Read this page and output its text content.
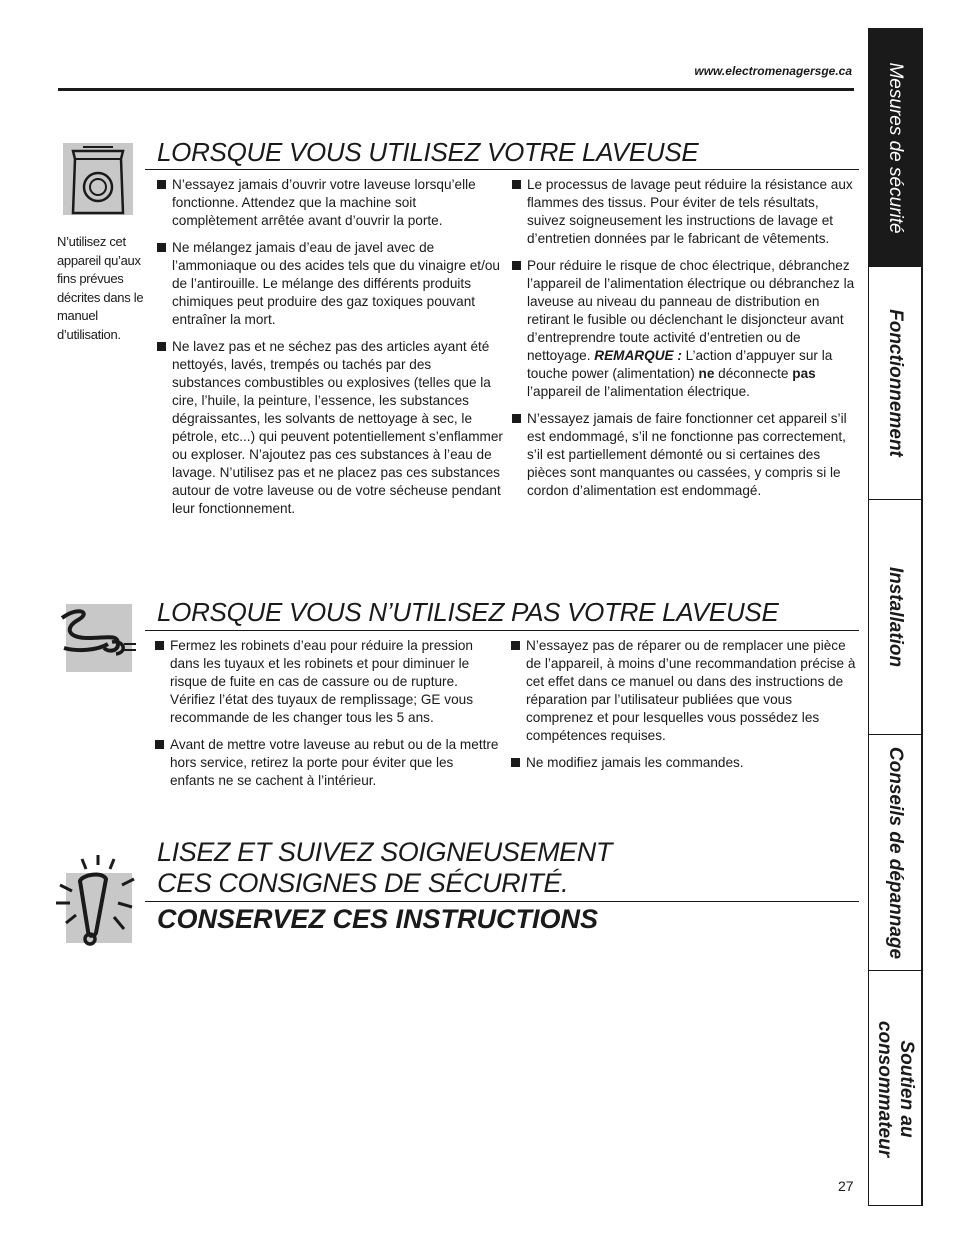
www.electromenagersge.ca
LORSQUE VOUS UTILISEZ VOTRE LAVEUSE
N’utilisez cet appareil qu’aux fins prévues décrites dans le manuel d’utilisation.
N’essayez jamais d’ouvrir votre laveuse lorsqu’elle fonctionne. Attendez que la machine soit complètement arrêtée avant d’ouvrir la porte.
Ne mélangez jamais d’eau de javel avec de l’ammoniaque ou des acides tels que du vinaigre et/ou de l’antirouille. Le mélange des différents produits chimiques peut produire des gaz toxiques pouvant entraîner la mort.
Ne lavez pas et ne séchez pas des articles ayant été nettoyés, lavés, trempés ou tachés par des substances combustibles ou explosives (telles que la cire, l’huile, la peinture, l’essence, les substances dégraissantes, les solvants de nettoyage à sec, le pétrole, etc...) qui peuvent potentiellement s’enflammer ou exploser. N’ajoutez pas ces substances à l’eau de lavage. N’utilisez pas et ne placez pas ces substances autour de votre laveuse ou de votre sécheuse pendant leur fonctionnement.
Le processus de lavage peut réduire la résistance aux flammes des tissus. Pour éviter de tels résultats, suivez soigneusement les instructions de lavage et d’entretien données par le fabricant de vêtements.
Pour réduire le risque de choc électrique, débranchez l’appareil de l’alimentation électrique ou débranchez la laveuse au niveau du panneau de distribution en retirant le fusible ou déclenchant le disjoncteur avant d’entreprendre toute activité d’entretien ou de nettoyage. REMARQUE : L’action d’appuyer sur la touche power (alimentation) ne déconnecte pas l’appareil de l’alimentation électrique.
N’essayez jamais de faire fonctionner cet appareil s’il est endommagé, s’il ne fonctionne pas correctement, s’il est partiellement démonté ou si certaines des pièces sont manquantes ou cassées, y compris si le cordon d’alimentation est endommagé.
LORSQUE VOUS N’UTILISEZ PAS VOTRE LAVEUSE
Fermez les robinets d’eau pour réduire la pression dans les tuyaux et les robinets et pour diminuer le risque de fuite en cas de cassure ou de rupture. Vérifiez l’état des tuyaux de remplissage; GE vous recommande de les changer tous les 5 ans.
Avant de mettre votre laveuse au rebut ou de la mettre hors service, retirez la porte pour éviter que les enfants ne se cachent à l’intérieur.
N’essayez pas de réparer ou de remplacer une pièce de l’appareil, à moins d’une recommandation précise à cet effet dans ce manuel ou dans des instructions de réparation par l’utilisateur publiées que vous comprenez et pour lesquelles vous possédez les compétences requises.
Ne modifiez jamais les commandes.
LISEZ ET SUIVEZ SOIGNEUSEMENT
CES CONSIGNES DE SÉCURITÉ.
CONSERVEZ CES INSTRUCTIONS
Mesures de sécurité
Fonctionnement
Installation
Conseils de dépannage
Soutien au
consommateur
27
